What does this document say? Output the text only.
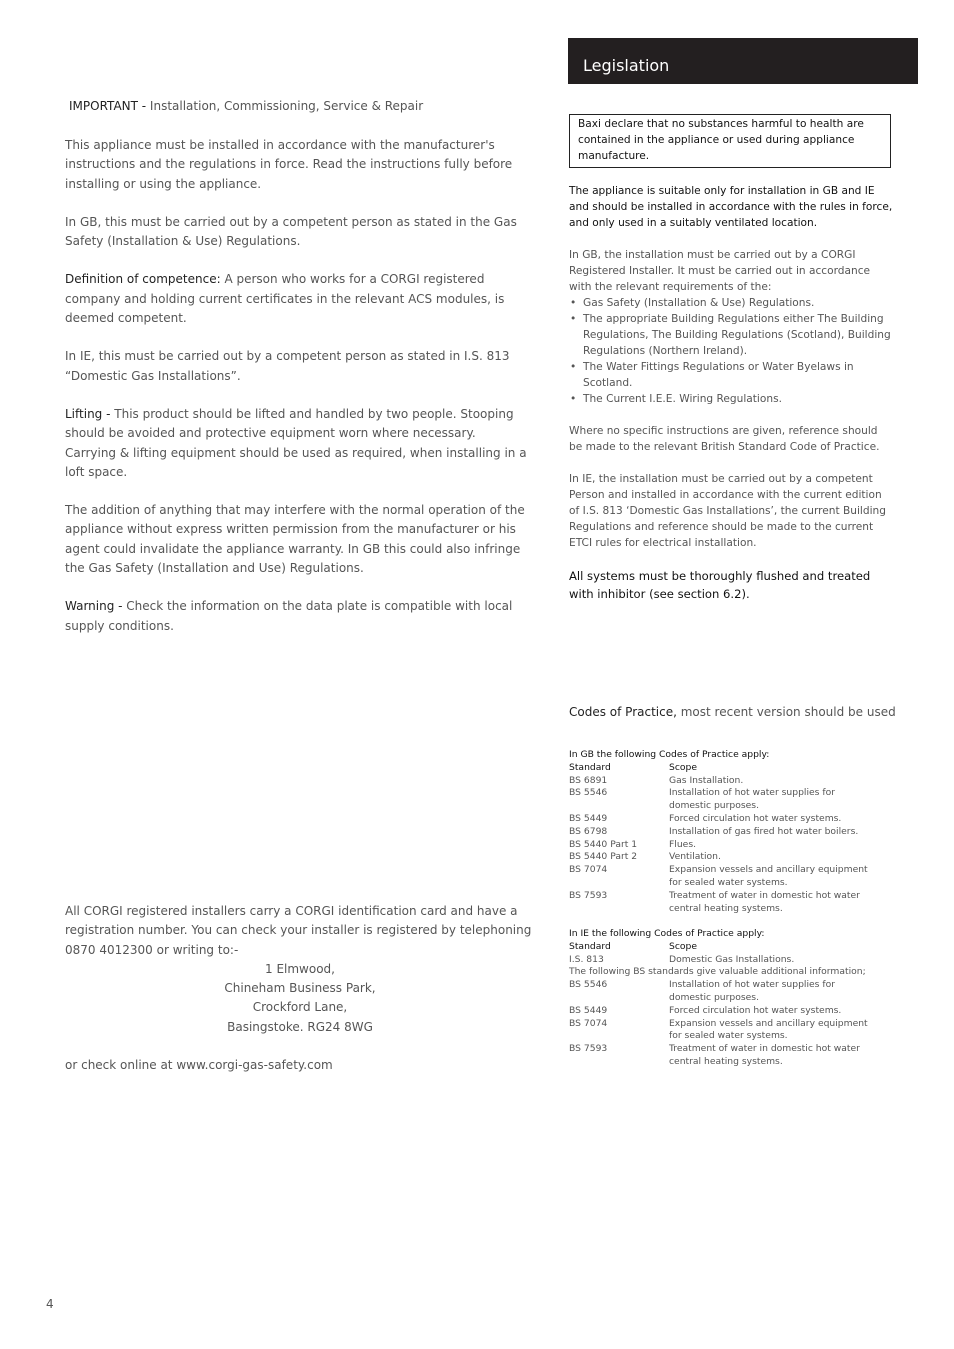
IMPORTANT - Installation, Commissioning, Service & Repair

This appliance must be installed in accordance with the manufacturer's instructions and the regulations in force. Read the instructions fully before installing or using the appliance.

In GB, this must be carried out by a competent person as stated in the Gas Safety (Installation & Use) Regulations.

Definition of competence: A person who works for a CORGI registered company and holding current certificates in the relevant ACS modules, is deemed competent.

In IE, this must be carried out by a competent person as stated in I.S. 813 “Domestic Gas Installations”.

Lifting - This product should be lifted and handled by two people. Stooping should be avoided and protective equipment worn where necessary. Carrying & lifting equipment should be used as required, when installing in a loft space.

The addition of anything that may interfere with the normal operation of the appliance without express written permission from the manufacturer or his agent could invalidate the appliance warranty. In GB this could also infringe the Gas Safety (Installation and Use) Regulations.

Warning - Check the information on the data plate is compatible with local supply conditions.

All CORGI registered installers carry a CORGI identification card and have a registration number. You can check your installer is registered by telephoning 0870 4012300 or writing to:-

1 Elmwood,
Chineham Business Park,
Crockford Lane,
Basingstoke. RG24 8WG

or check online at www.corgi-gas-safety.com

Legislation
Baxi declare that no substances harmful to health are contained in the appliance or used during appliance manufacture.

The appliance is suitable only for installation in GB and IE and should be installed in accordance with the rules in force, and only used in a suitably ventilated location.

In GB, the installation must be carried out by a CORGI Registered Installer. It must be carried out in accordance with the relevant requirements of the:

• Gas Safety (Installation & Use) Regulations.
• The appropriate Building Regulations either The Building Regulations, The Building Regulations (Scotland), Building Regulations (Northern Ireland).
• The Water Fittings Regulations or Water Byelaws in Scotland.
• The Current I.E.E. Wiring Regulations.

Where no specific instructions are given, reference should be made to the relevant British Standard Code of Practice.

In IE, the installation must be carried out by a competent Person and installed in accordance with the current edition of I.S. 813 ‘Domestic Gas Installations’, the current Building Regulations and reference should be made to the current ETCI rules for electrical installation.

All systems must be thoroughly flushed and treated with inhibitor (see section 6.2).

Codes of Practice, most recent version should be used
In GB the following Codes of Practice apply:
Standard	Scope
BS 6891	Gas Installation.
BS 5546	Installation of hot water supplies for domestic purposes.
BS 5449	Forced circulation hot water systems.
BS 6798	Installation of gas fired hot water boilers.
BS 5440 Part 1	Flues.
BS 5440 Part 2	Ventilation.
BS 7074	Expansion vessels and ancillary equipment for sealed water systems.
BS 7593	Treatment of water in domestic hot water central heating systems.
In IE the following Codes of Practice apply:
Standard	Scope
I.S. 813	Domestic Gas Installations.
The following BS standards give valuable additional information;
BS 5546	Installation of hot water supplies for domestic purposes.
BS 5449	Forced circulation hot water systems.
BS 7074	Expansion vessels and ancillary equipment for sealed water systems.
BS 7593	Treatment of water in domestic hot water central heating systems.
4
